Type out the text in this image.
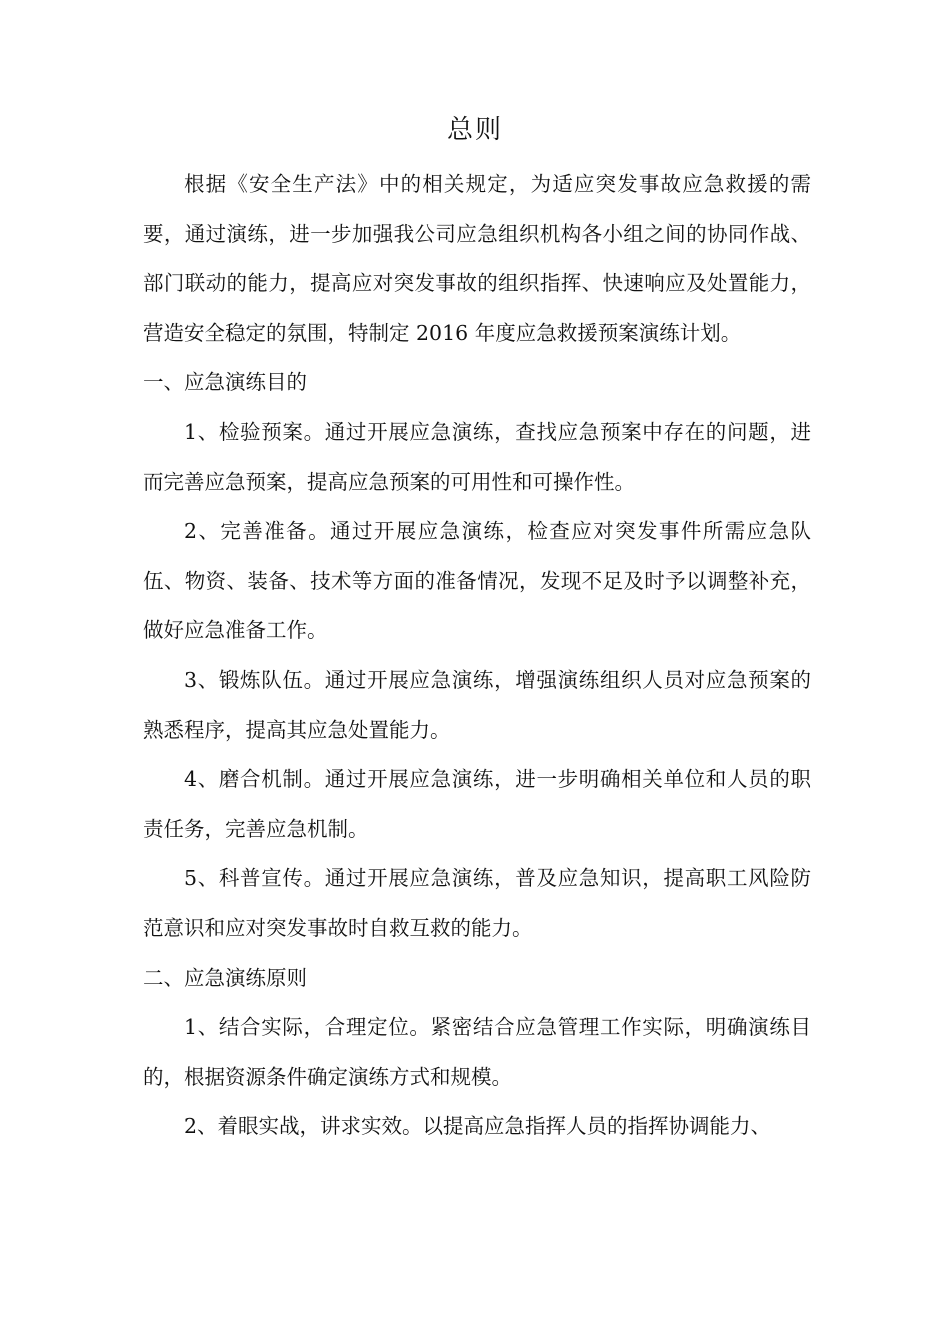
总则

根据《安全生产法》中的相关规定，为适应突发事故应急救援的需要，通过演练，进一步加强我公司应急组织机构各小组之间的协同作战、部门联动的能力，提高应对突发事故的组织指挥、快速响应及处置能力，营造安全稳定的氛围，特制定 2016 年度应急救援预案演练计划。

一、应急演练目的

1、检验预案。通过开展应急演练，查找应急预案中存在的问题，进而完善应急预案，提高应急预案的可用性和可操作性。

2、完善准备。通过开展应急演练，检查应对突发事件所需应急队伍、物资、装备、技术等方面的准备情况，发现不足及时予以调整补充，做好应急准备工作。

3、锻炼队伍。通过开展应急演练，增强演练组织人员对应急预案的熟悉程序，提高其应急处置能力。

4、磨合机制。通过开展应急演练，进一步明确相关单位和人员的职责任务，完善应急机制。

5、科普宣传。通过开展应急演练，普及应急知识，提高职工风险防范意识和应对突发事故时自救互救的能力。

二、应急演练原则

1、结合实际，合理定位。紧密结合应急管理工作实际，明确演练目的，根据资源条件确定演练方式和规模。

2、着眼实战，讲求实效。以提高应急指挥人员的指挥协调能力、
